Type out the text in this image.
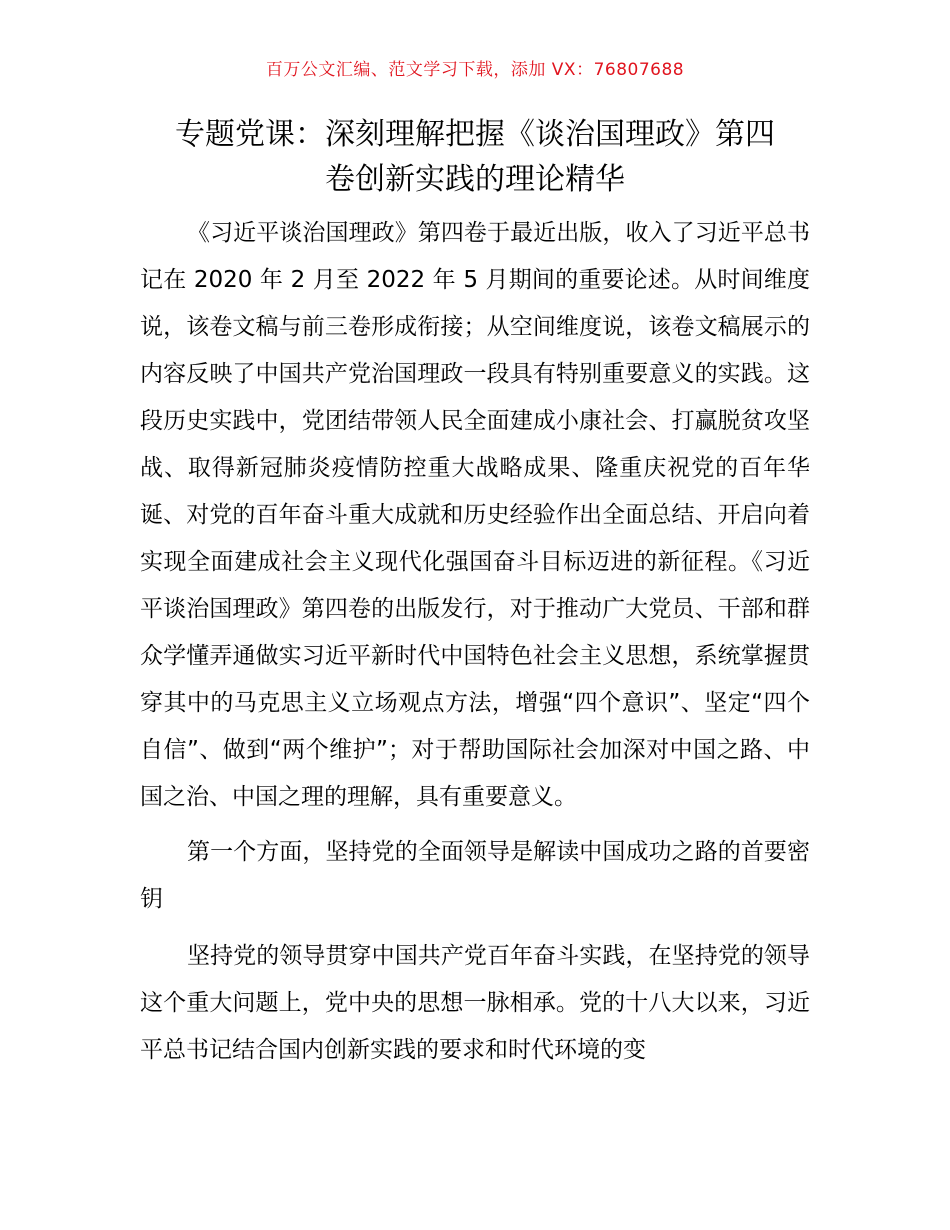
百万公文汇编、范文学习下载，添加 VX：76807688
专题党课：深刻理解把握《谈治国理政》第四
卷创新实践的理论精华

《习近平谈治国理政》第四卷于最近出版，收入了习近平总书记在 2020 年 2 月至 2022 年 5 月期间的重要论述。从时间维度说，该卷文稿与前三卷形成衔接；从空间维度说，该卷文稿展示的内容反映了中国共产党治国理政一段具有特别重要意义的实践。这段历史实践中，党团结带领人民全面建成小康社会、打赢脱贫攻坚战、取得新冠肺炎疫情防控重大战略成果、隆重庆祝党的百年华诞、对党的百年奋斗重大成就和历史经验作出全面总结、开启向着实现全面建成社会主义现代化强国奋斗目标迈进的新征程。《习近平谈治国理政》第四卷的出版发行，对于推动广大党员、干部和群众学懂弄通做实习近平新时代中国特色社会主义思想，系统掌握贯穿其中的马克思主义立场观点方法，增强“四个意识”、坚定“四个自信”、做到“两个维护”；对于帮助国际社会加深对中国之路、中国之治、中国之理的理解，具有重要意义。

第一个方面，坚持党的全面领导是解读中国成功之路的首要密钥

坚持党的领导贯穿中国共产党百年奋斗实践，在坚持党的领导这个重大问题上，党中央的思想一脉相承。党的十八大以来，习近平总书记结合国内创新实践的要求和时代环境的变
